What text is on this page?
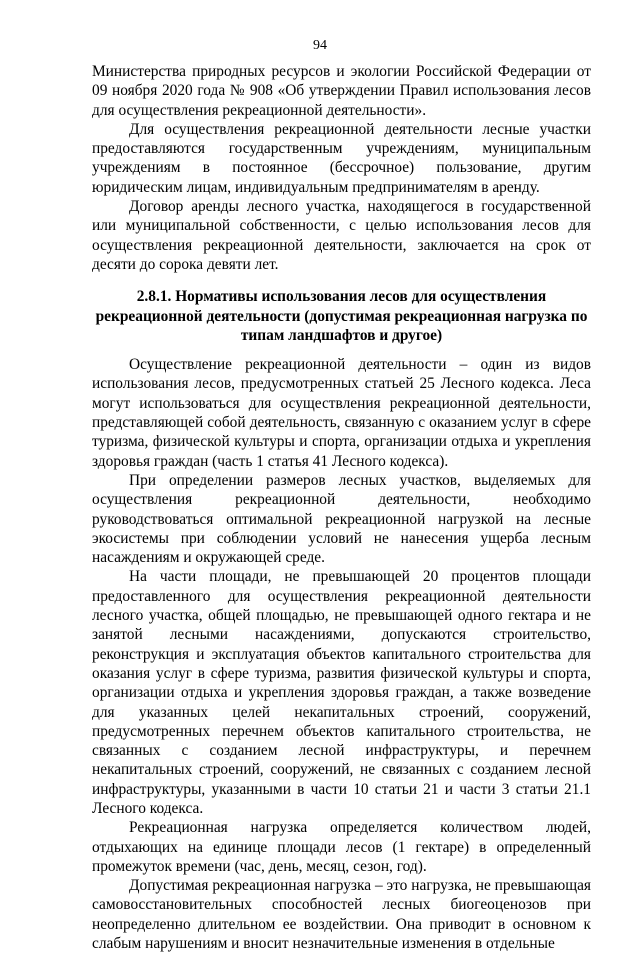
94

Министерства природных ресурсов и экологии Российской Федерации от 09 ноября 2020 года № 908 «Об утверждении Правил использования лесов для осуществления рекреационной деятельности».

Для осуществления рекреационной деятельности лесные участки предоставляются государственным учреждениям, муниципальным учреждениям в постоянное (бессрочное) пользование, другим юридическим лицам, индивидуальным предпринимателям в аренду.

Договор аренды лесного участка, находящегося в государственной или муниципальной собственности, с целью использования лесов для осуществления рекреационной деятельности, заключается на срок от десяти до сорока девяти лет.

2.8.1. Нормативы использования лесов для осуществления рекреационной деятельности (допустимая рекреационная нагрузка по типам ландшафтов и другое)

Осуществление рекреационной деятельности – один из видов использования лесов, предусмотренных статьей 25 Лесного кодекса. Леса могут использоваться для осуществления рекреационной деятельности, представляющей собой деятельность, связанную с оказанием услуг в сфере туризма, физической культуры и спорта, организации отдыха и укрепления здоровья граждан (часть 1 статья 41 Лесного кодекса).

При определении размеров лесных участков, выделяемых для осуществления рекреационной деятельности, необходимо руководствоваться оптимальной рекреационной нагрузкой на лесные экосистемы при соблюдении условий не нанесения ущерба лесным насаждениям и окружающей среде.

На части площади, не превышающей 20 процентов площади предоставленного для осуществления рекреационной деятельности лесного участка, общей площадью, не превышающей одного гектара и не занятой лесными насаждениями, допускаются строительство, реконструкция и эксплуатация объектов капитального строительства для оказания услуг в сфере туризма, развития физической культуры и спорта, организации отдыха и укрепления здоровья граждан, а также возведение для указанных целей некапитальных строений, сооружений, предусмотренных перечнем объектов капитального строительства, не связанных с созданием лесной инфраструктуры, и перечнем некапитальных строений, сооружений, не связанных с созданием лесной инфраструктуры, указанными в части 10 статьи 21 и части 3 статьи 21.1 Лесного кодекса.

Рекреационная нагрузка определяется количеством людей, отдыхающих на единице площади лесов (1 гектаре) в определенный промежуток времени (час, день, месяц, сезон, год).

Допустимая рекреационная нагрузка – это нагрузка, не превышающая самовосстановительных способностей лесных биогеоценозов при неопределенно длительном ее воздействии. Она приводит в основном к слабым нарушениям и вносит незначительные изменения в отдельные
